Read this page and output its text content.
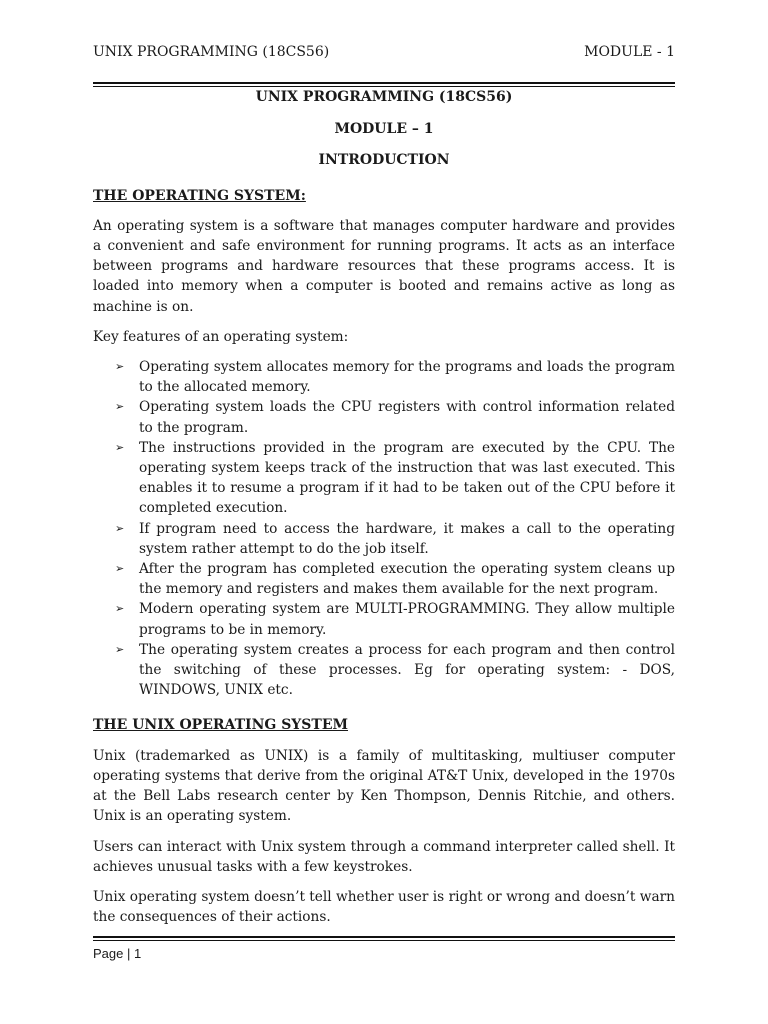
UNIX PROGRAMMING (18CS56)	MODULE - 1
UNIX PROGRAMMING (18CS56)
MODULE – 1
INTRODUCTION
THE OPERATING SYSTEM:

An operating system is a software that manages computer hardware and provides a convenient and safe environment for running programs. It acts as an interface between programs and hardware resources that these programs access. It is loaded into memory when a computer is booted and remains active as long as machine is on.

Key features of an operating system:

➢ Operating system allocates memory for the programs and loads the program to the allocated memory.
➢ Operating system loads the CPU registers with control information related to the program.
➢ The instructions provided in the program are executed by the CPU. The operating system keeps track of the instruction that was last executed. This enables it to resume a program if it had to be taken out of the CPU before it completed execution.
➢ If program need to access the hardware, it makes a call to the operating system rather attempt to do the job itself.
➢ After the program has completed execution the operating system cleans up the memory and registers and makes them available for the next program.
➢ Modern operating system are MULTI-PROGRAMMING. They allow multiple programs to be in memory.
➢ The operating system creates a process for each program and then control the switching of these processes. Eg for operating system: - DOS, WINDOWS, UNIX etc.
THE UNIX OPERATING SYSTEM

Unix (trademarked as UNIX) is a family of multitasking, multiuser computer operating systems that derive from the original AT&T Unix, developed in the 1970s at the Bell Labs research center by Ken Thompson, Dennis Ritchie, and others. Unix is an operating system.

Users can interact with Unix system through a command interpreter called shell. It achieves unusual tasks with a few keystrokes.

Unix operating system doesn’t tell whether user is right or wrong and doesn’t warn the consequences of their actions.

Page | 1
